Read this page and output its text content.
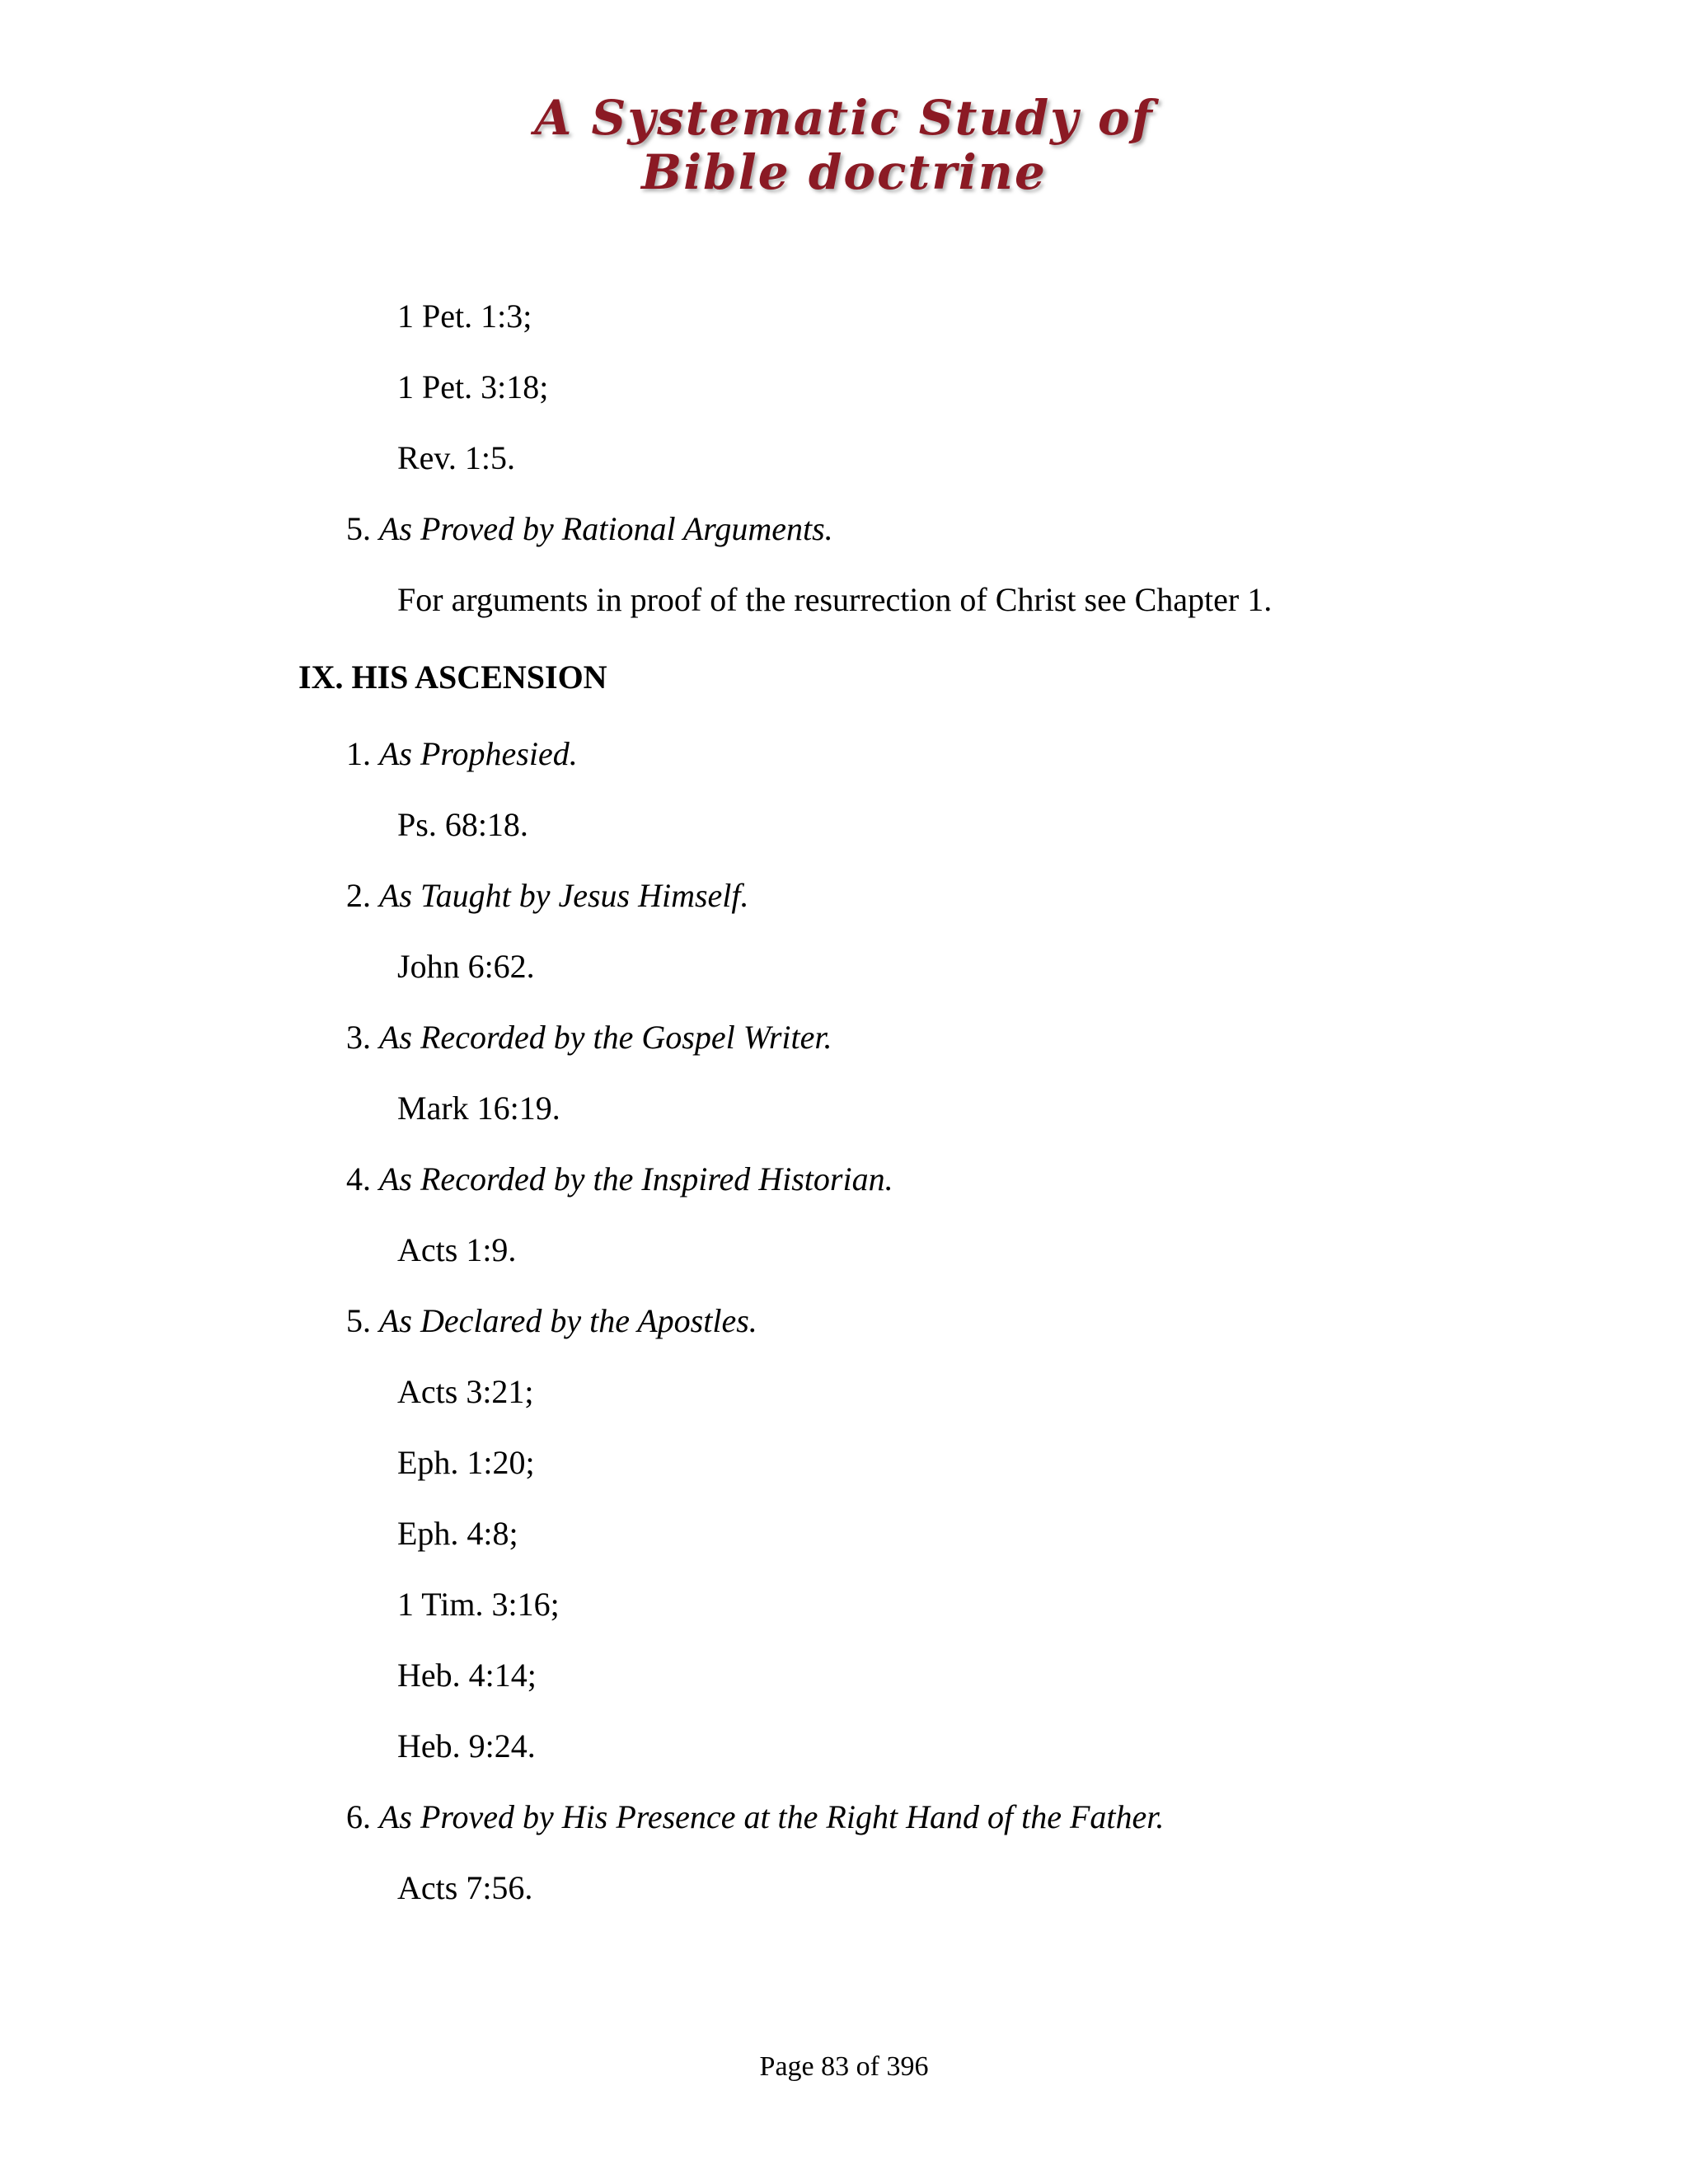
A Systematic Study of
Bible doctrine
1 Pet. 1:3;
1 Pet. 3:18;
Rev. 1:5.
5. As Proved by Rational Arguments.
For arguments in proof of the resurrection of Christ see Chapter 1.
IX. HIS ASCENSION
1. As Prophesied.
Ps. 68:18.
2. As Taught by Jesus Himself.
John 6:62.
3. As Recorded by the Gospel Writer.
Mark 16:19.
4. As Recorded by the Inspired Historian.
Acts 1:9.
5. As Declared by the Apostles.
Acts 3:21;
Eph. 1:20;
Eph. 4:8;
1 Tim. 3:16;
Heb. 4:14;
Heb. 9:24.
6. As Proved by His Presence at the Right Hand of the Father.
Acts 7:56.
Page 83 of 396
